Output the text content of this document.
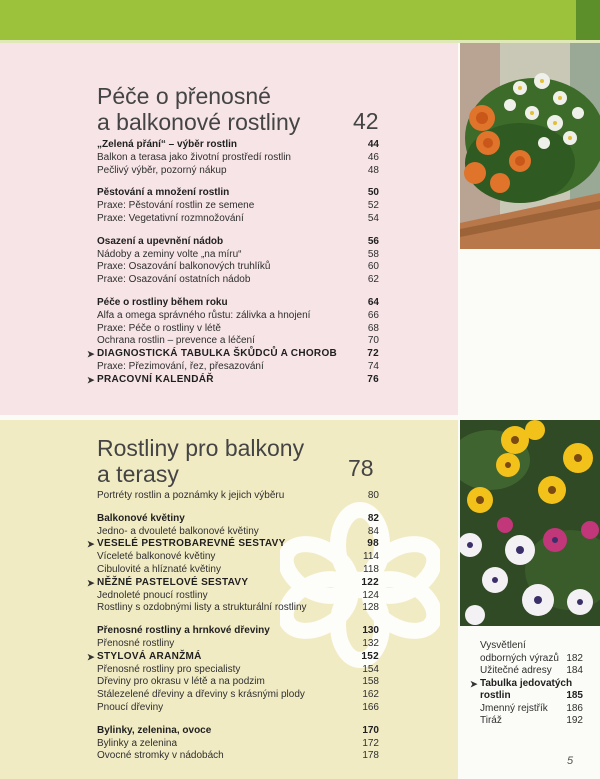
Péče o přenosné
a balkonové rostliny 42
„Zelená přání“ – výběr rostlin	44
Balkon a terasa jako životní prostředí rostlin	46
Pečlivý výběr, pozorný nákup	48
Pěstování a množení rostlin	50
Praxe: Pěstování rostlin ze semene	52
Praxe: Vegetativní rozmnožování	54
Osazení a upevnění nádob	56
Nádoby a zeminy volte „na míru“	58
Praxe: Osazování balkonových truhlíků	60
Praxe: Osazování ostatních nádob	62
Péče o rostliny během roku	64
Alfa a omega správného růstu: zálivka a hnojení	66
Praxe: Péče o rostliny v létě	68
Ochrana rostlin – prevence a léčení	70
➤ DIAGNOSTICKÁ TABULKA ŠKŮDCŮ A CHOROB	72
Praxe: Přezimování, řez, přesazování	74
➤ PRACOVNÍ KALENDÁŘ	76
Rostliny pro balkony
a terasy	78
Portréty rostlin a poznámky k jejich výběru	80
Balkonové květiny	82
Jedno- a dvouleté balkonové květiny	84
➤ VESELÉ PESTROBAREVNÉ SESTAVY	98
Víceleté balkonové květiny	114
Cibulovité a hlíznaté květiny	118
➤ NĚŽNÉ PASTELOVÉ SESTAVY	122
Jednoleté pnoucí rostliny	124
Rostliny s ozdobnými listy a strukturální rostliny	128
Přenosné rostliny a hrnkové dřeviny	130
Přenosné rostliny	132
➤ STYLOVÁ ARANŽMÁ	152
Přenosné rostliny pro specialisty	154
Dřeviny pro okrasu v létě a na podzim	158
Stálezelené dřeviny a dřeviny s krásnými plody	162
Pnoucí dřeviny	166
Bylinky, zelenina, ovoce	170
Bylinky a zelenina	172
Ovocné stromky v nádobách	178
Vysvětlení
odborných výrazů 182
Užitečné adresy 184
➤ Tabulka jedovatých
rostlin	185
Jmenný rejstřík 186
Tiráž	192
5
